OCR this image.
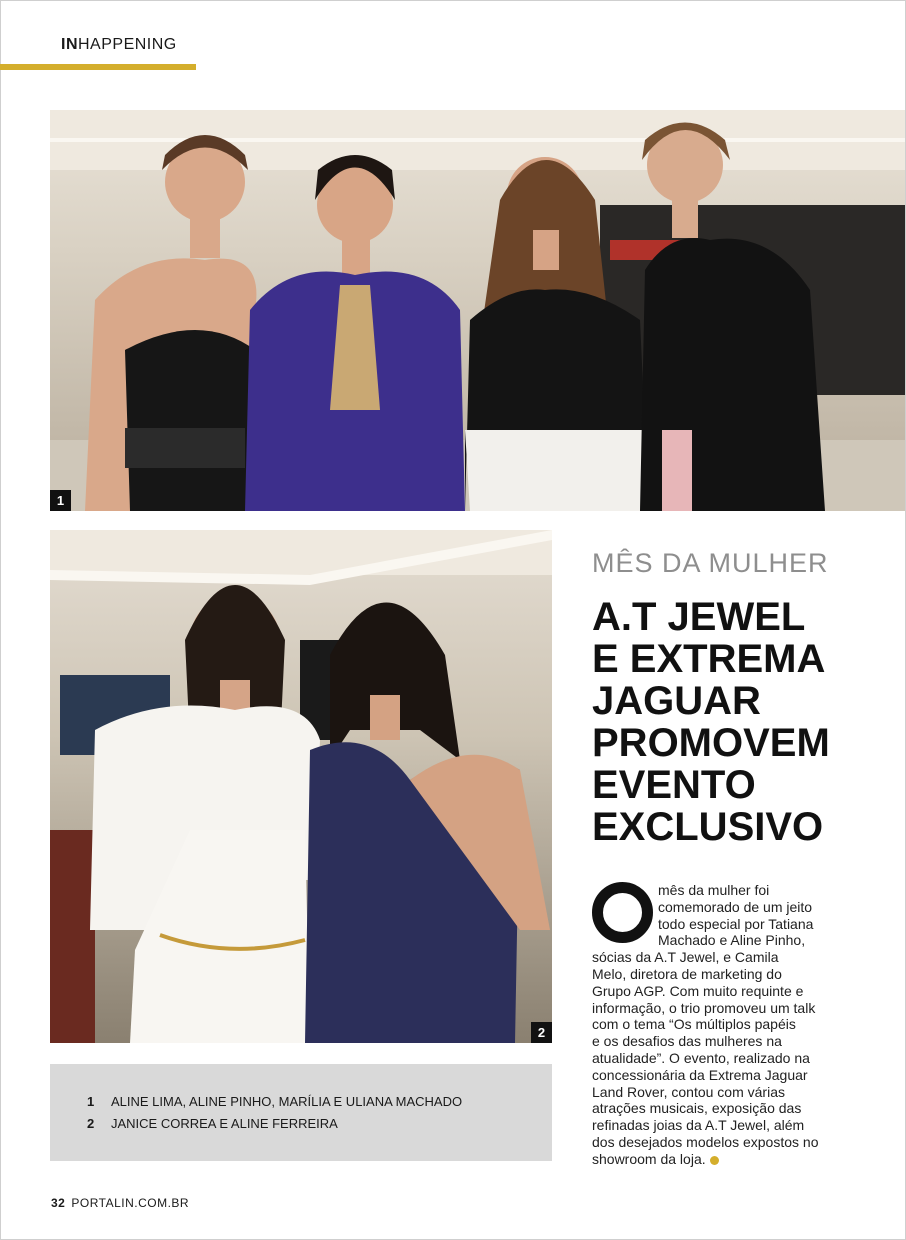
INHAPPENING
1
2
MÊS DA MULHER
A.T JEWEL
E EXTREMA
JAGUAR
PROMOVEM
EVENTO
EXCLUSIVO
mês da mulher foi
comemorado de um jeito
todo especial por Tatiana
Machado e Aline Pinho,
sócias da A.T Jewel, e Camila
Melo, diretora de marketing do
Grupo AGP. Com muito requinte e
informação, o trio promoveu um talk
com o tema “Os múltiplos papéis
e os desafios das mulheres na
atualidade”. O evento, realizado na
concessionária da Extrema Jaguar
Land Rover, contou com várias
atrações musicais, exposição das
refinadas joias da A.T Jewel, além
dos desejados modelos expostos no
showroom da loja.
1 ALINE LIMA, ALINE PINHO, MARÍLIA E ULIANA MACHADO
2 JANICE CORREA E ALINE FERREIRA
32 PORTALIN.COM.BR
